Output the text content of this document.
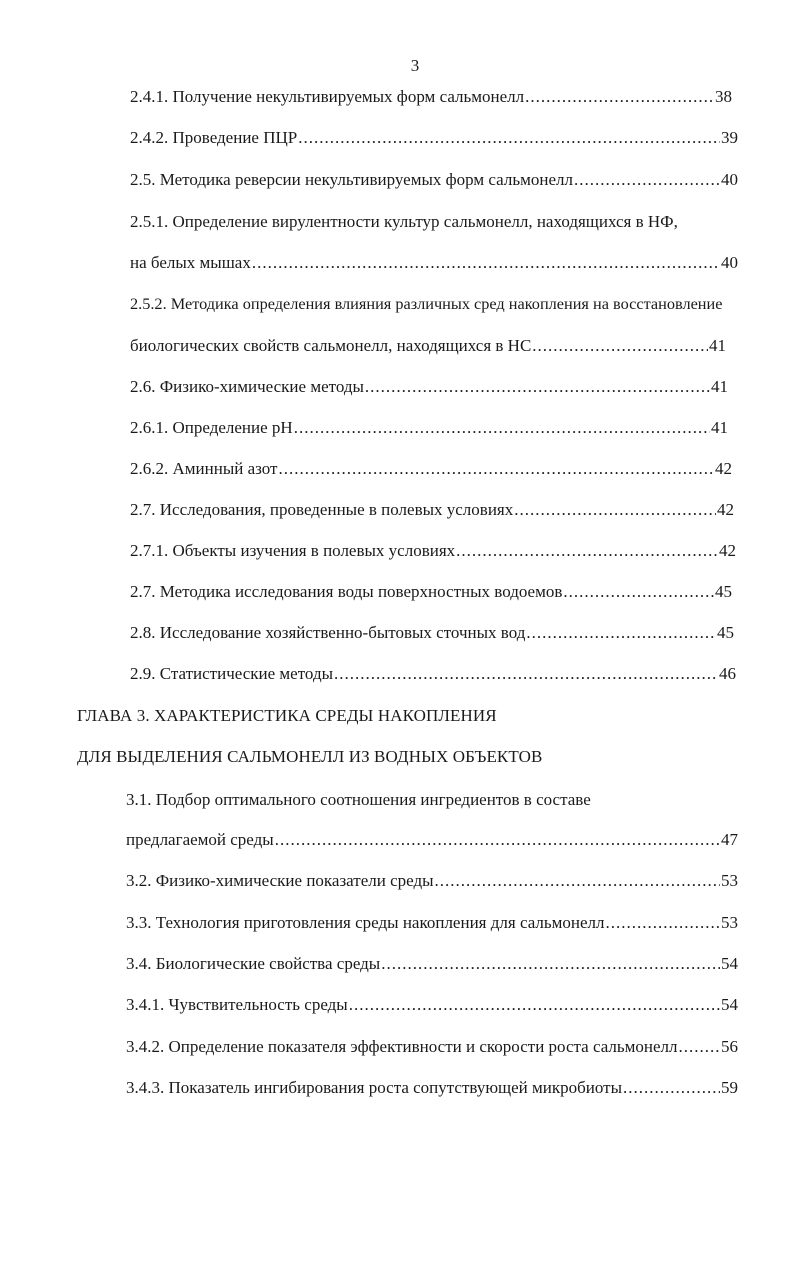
3
2.4.1. Получение некультивируемых форм сальмонелл .....	38
2.4.2. Проведение ПЦР .....	39
2.5. Методика реверсии некультивируемых форм сальмонелл .....	40
2.5.1. Определение вирулентности культур сальмонелл, находящихся в НФ,
на белых мышах .....	40
2.5.2. Методика определения влияния различных сред накопления на восстановление
биологических свойств сальмонелл, находящихся в НС .....	41
2.6. Физико-химические методы .....	41
2.6.1. Определение pH .....	41
2.6.2. Аминный азот .....	42
2.7. Исследования, проведенные в полевых условиях .....	42
2.7.1. Объекты изучения в полевых условиях .....	42
2.7. Методика исследования воды поверхностных водоемов .....	45
2.8. Исследование хозяйственно-бытовых сточных вод .....	45
2.9. Статистические методы .....	46
ГЛАВА 3. ХАРАКТЕРИСТИКА СРЕДЫ НАКОПЛЕНИЯ
ДЛЯ ВЫДЕЛЕНИЯ САЛЬМОНЕЛЛ ИЗ ВОДНЫХ ОБЪЕКТОВ
3.1. Подбор оптимального соотношения ингредиентов в составе
предлагаемой среды .....	47
3.2. Физико-химические показатели среды .....	53
3.3. Технология приготовления среды накопления для сальмонелл .....	53
3.4. Биологические свойства среды .....	54
3.4.1. Чувствительность среды .....	54
3.4.2. Определение показателя эффективности и скорости роста сальмонелл .....	56
3.4.3. Показатель ингибирования роста сопутствующей микробиоты .....	59
